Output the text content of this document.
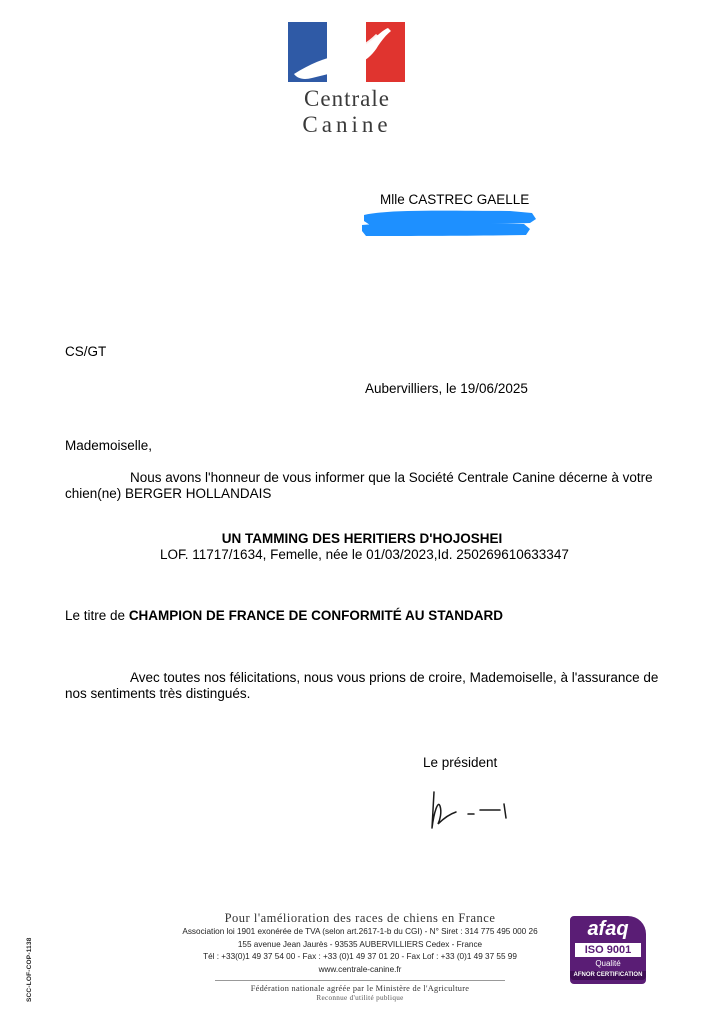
Centrale
Canine
Mlle CASTREC GAELLE
CS/GT
Aubervilliers, le 19/06/2025
Mademoiselle,
Nous avons l'honneur de vous informer que la Société Centrale Canine décerne à votre
chien(ne) BERGER HOLLANDAIS
UN TAMMING DES HERITIERS D'HOJOSHEI
LOF. 11717/1634, Femelle, née le 01/03/2023,Id. 250269610633347
Le titre de CHAMPION DE FRANCE DE CONFORMITÉ AU STANDARD
Avec toutes nos félicitations, nous vous prions de croire, Mademoiselle, à l'assurance de
nos sentiments très distingués.
Le président
Pour l'amélioration des races de chiens en France
Association loi 1901 exonérée de TVA (selon art.2617-1-b du CGI) - N° Siret : 314 775 495 000 26
155 avenue Jean Jaurès - 93535 AUBERVILLIERS Cedex - France
Tél : +33(0)1 49 37 54 00 - Fax : +33 (0)1 49 37 01 20 - Fax Lof : +33 (0)1 49 37 55 99
www.centrale-canine.fr
Fédération nationale agréée par le Ministère de l'Agriculture
Reconnue d'utilité publique
afaq
ISO 9001
Qualité
AFNOR CERTIFICATION
SCC-LOF-COP-1138
